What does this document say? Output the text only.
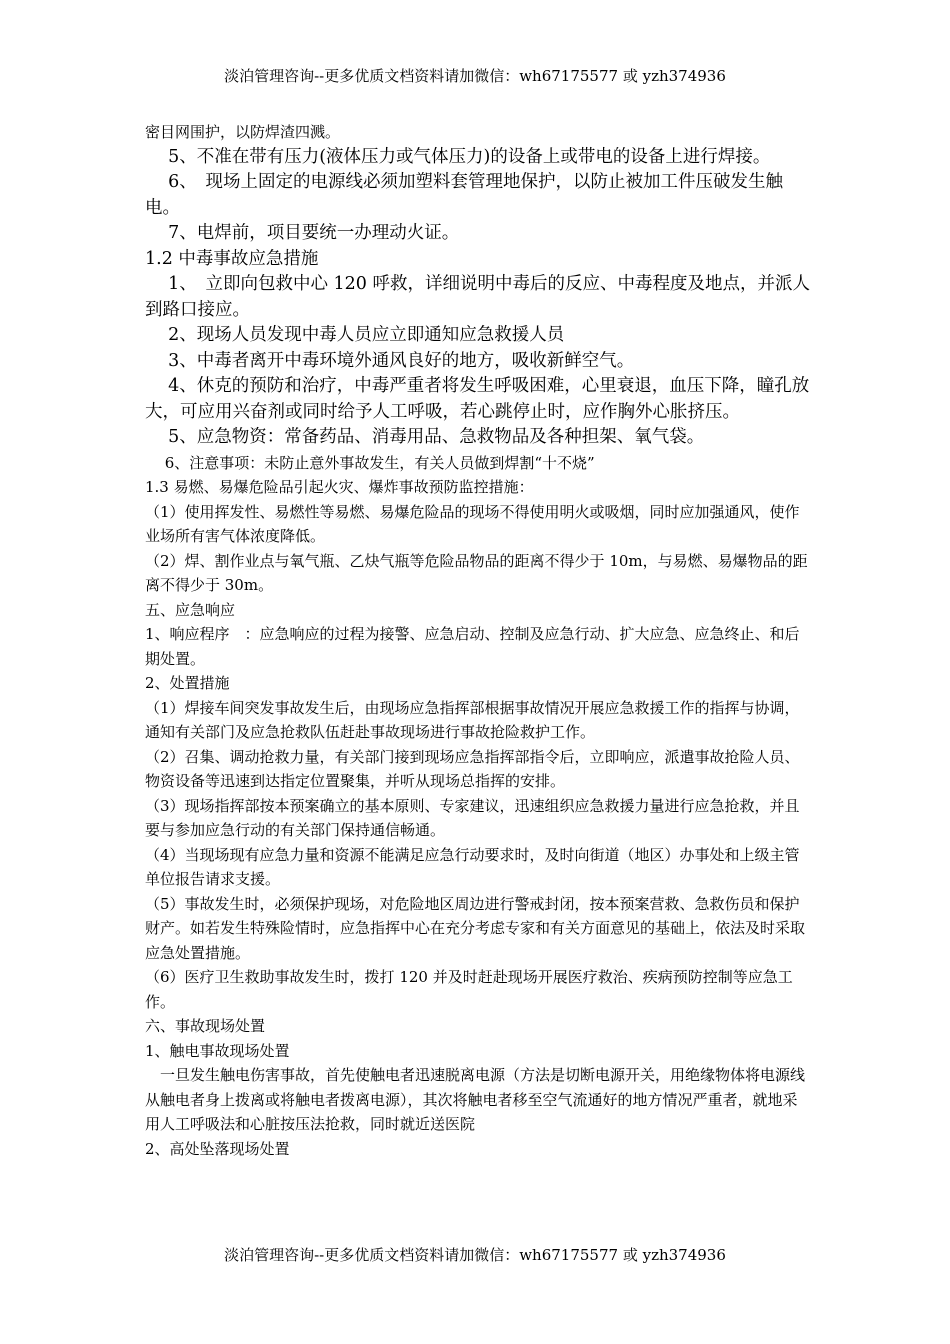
淡泊管理咨询--更多优质文档资料请加微信：wh67175577 或 yzh374936

密目网围护，以防焊渣四溅。

　 5、不准在带有压力(液体压力或气体压力)的设备上或带电的设备上进行焊接。

　 6、　现场上固定的电源线必须加塑料套管理地保护，以防止被加工件压破发生触电。

　 7、电焊前，项目要统一办理动火证。

1.2 中毒事故应急措施

　 1、　立即向包救中心 120 呼救，详细说明中毒后的反应、中毒程度及地点，并派人到路口接应。

　 2、现场人员发现中毒人员应立即通知应急救援人员

　 3、中毒者离开中毒环境外通风良好的地方，吸收新鲜空气。

　 4、休克的预防和治疗，中毒严重者将发生呼吸困难，心里衰退，血压下降，瞳孔放大，可应用兴奋剂或同时给予人工呼吸，若心跳停止时，应作胸外心胀挤压。

　 5、应急物资：常备药品、消毒用品、急救物品及各种担架、氧气袋。

　 6、注意事项：未防止意外事故发生，有关人员做到焊割“十不烧”

1.3 易燃、易爆危险品引起火灾、爆炸事故预防监控措施：

（1）使用挥发性、易燃性等易燃、易爆危险品的现场不得使用明火或吸烟，同时应加强通风，使作业场所有害气体浓度降低。

（2）焊、割作业点与氧气瓶、乙炔气瓶等危险品物品的距离不得少于 10m，与易燃、易爆物品的距离不得少于 30m。

五、应急响应

1、响应程序　：应急响应的过程为接警、应急启动、控制及应急行动、扩大应急、应急终止、和后期处置。

2、处置措施

（1）焊接车间突发事故发生后，由现场应急指挥部根据事故情况开展应急救援工作的指挥与协调，通知有关部门及应急抢救队伍赶赴事故现场进行事故抢险救护工作。

（2）召集、调动抢救力量，有关部门接到现场应急指挥部指令后，立即响应，派遣事故抢险人员、物资设备等迅速到达指定位置聚集，并听从现场总指挥的安排。

（3）现场指挥部按本预案确立的基本原则、专家建议，迅速组织应急救援力量进行应急抢救，并且要与参加应急行动的有关部门保持通信畅通。

（4）当现场现有应急力量和资源不能满足应急行动要求时，及时向街道（地区）办事处和上级主管单位报告请求支援。

（5）事故发生时，必须保护现场，对危险地区周边进行警戒封闭，按本预案营救、急救伤员和保护财产。如若发生特殊险情时，应急指挥中心在充分考虑专家和有关方面意见的基础上，依法及时采取应急处置措施。

（6）医疗卫生救助事故发生时，拨打 120 并及时赶赴现场开展医疗救治、疾病预防控制等应急工作。

六、事故现场处置

1、触电事故现场处置

　一旦发生触电伤害事故，首先使触电者迅速脱离电源（方法是切断电源开关，用绝缘物体将电源线从触电者身上拨离或将触电者拨离电源），其次将触电者移至空气流通好的地方情况严重者，就地采用人工呼吸法和心脏按压法抢救，同时就近送医院

2、高处坠落现场处置

淡泊管理咨询--更多优质文档资料请加微信：wh67175577 或 yzh374936
